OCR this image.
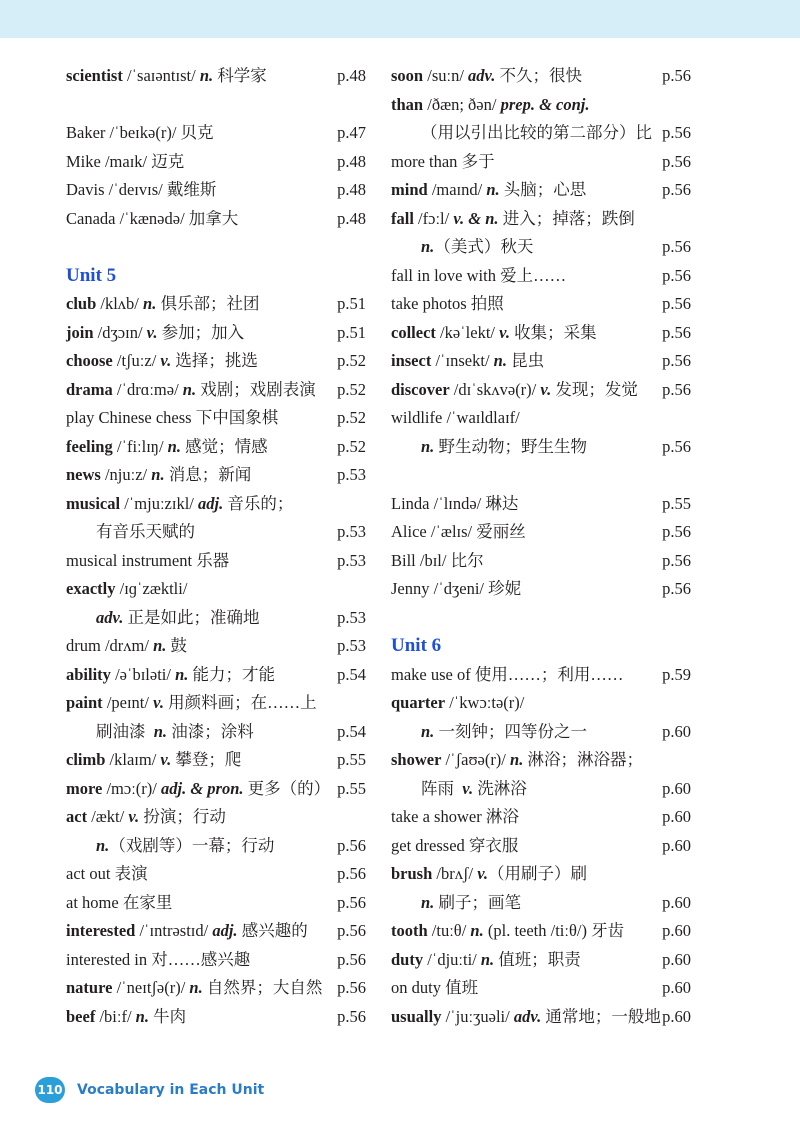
scientist /ˈsaɪəntɪst/ n. 科学家	p.48
Baker /ˈbeɪkə(r)/ 贝克	p.47
Mike /maɪk/ 迈克	p.48
Davis /ˈdeɪvɪs/ 戴维斯	p.48
Canada /ˈkænədə/ 加拿大	p.48
Unit 5
club /klʌb/ n. 俱乐部；社团	p.51
join /dʒɔɪn/ v. 参加；加入	p.51
choose /tʃuːz/ v. 选择；挑选	p.52
drama /ˈdrɑːmə/ n. 戏剧；戏剧表演 p.52
play Chinese chess 下中国象棋	p.52
feeling /ˈfiːlɪŋ/ n. 感觉；情感	p.52
news /njuːz/ n. 消息；新闻	p.53
musical /ˈmjuːzɪkl/ adj. 音乐的；
有音乐天赋的	p.53
musical instrument 乐器	p.53
exactly /ɪɡˈzæktli/
adv. 正是如此；准确地	p.53
drum /drʌm/ n. 鼓	p.53
ability /əˈbɪləti/ n. 能力；才能	p.54
paint /peɪnt/ v. 用颜料画；在……上
刷油漆  n. 油漆；涂料	p.54
climb /klaɪm/ v. 攀登；爬	p.55
more /mɔː(r)/ adj. & pron. 更多（的） p.55
act /ækt/ v. 扮演；行动
n.（戏剧等）一幕；行动	p.56
act out 表演	p.56
at home 在家里	p.56
interested /ˈɪntrəstɪd/ adj. 感兴趣的 p.56
interested in 对……感兴趣	p.56
nature /ˈneɪtʃə(r)/ n. 自然界；大自然 p.56
beef /biːf/ n. 牛肉	p.56
soon /suːn/ adv. 不久；很快	p.56
than /ðæn; ðən/ prep. & conj.
（用以引出比较的第二部分）比 p.56
more than 多于	p.56
mind /maɪnd/ n. 头脑；心思	p.56
fall /fɔːl/ v. & n. 进入；掉落；跌倒
n.（美式）秋天	p.56
fall in love with 爱上……	p.56
take photos 拍照	p.56
collect /kəˈlekt/ v. 收集；采集	p.56
insect /ˈɪnsekt/ n. 昆虫	p.56
discover /dɪˈskʌvə(r)/ v. 发现；发觉 p.56
wildlife /ˈwaɪldlaɪf/
n. 野生动物；野生生物	p.56
Linda /ˈlɪndə/ 琳达	p.55
Alice /ˈælɪs/ 爱丽丝	p.56
Bill /bɪl/ 比尔	p.56
Jenny /ˈdʒeni/ 珍妮	p.56
Unit 6
make use of 使用……；利用…… p.59
quarter /ˈkwɔːtə(r)/
n. 一刻钟；四等份之一	p.60
shower /ˈʃaʊə(r)/ n. 淋浴；淋浴器；
阵雨  v. 洗淋浴	p.60
take a shower 淋浴	p.60
get dressed 穿衣服	p.60
brush /brʌʃ/ v.（用刷子）刷
n. 刷子；画笔	p.60
tooth /tuːθ/ n. (pl. teeth /tiːθ/) 牙齿 p.60
duty /ˈdjuːti/ n. 值班；职责	p.60
on duty 值班	p.60
usually /ˈjuːʒuəli/ adv. 通常地；一般地 p.60
110 Vocabulary in Each Unit
